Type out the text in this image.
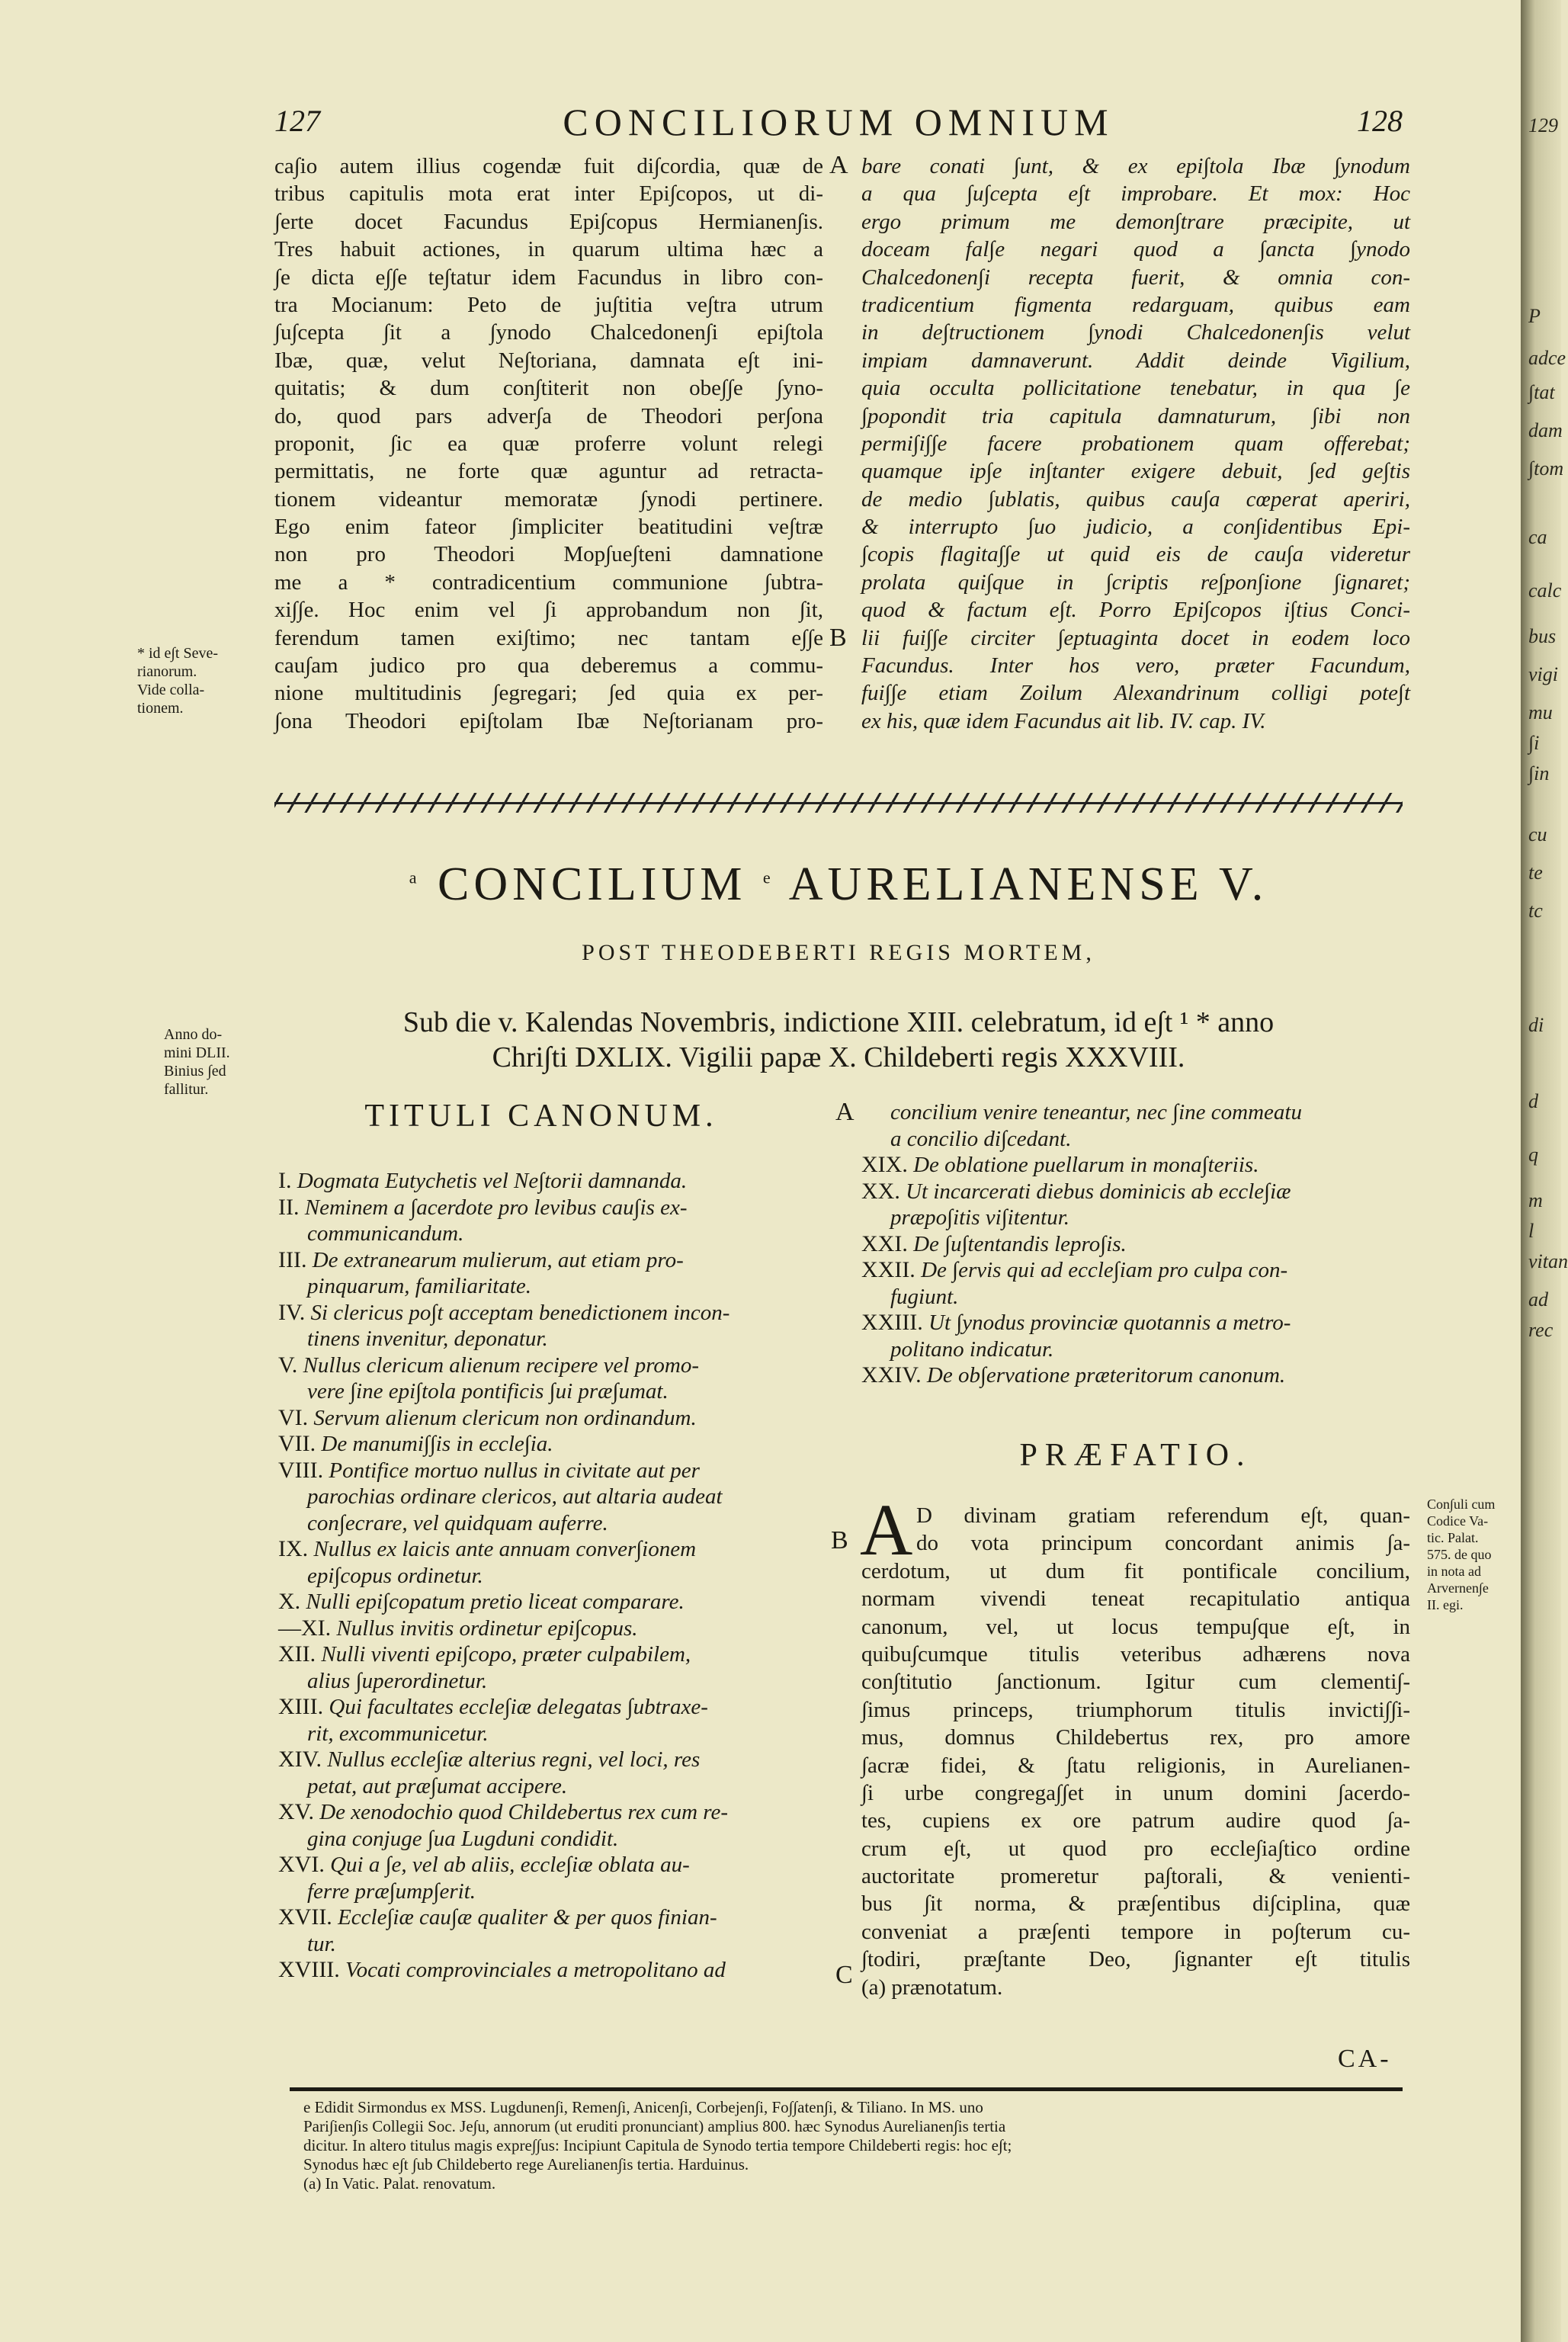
127	CONCILIORUM OMNIUM	128
ca∫io autem illius cogendæ fuit di∫cordia, quæ de
tribus capitulis mota erat inter Epi∫copos, ut di-
∫erte docet Facundus Epi∫copus Hermianen∫is.
Tres habuit actiones, in quarum ultima hæc a
∫e dicta e∫∫e te∫tatur idem Facundus in libro con-
tra Mocianum: Peto de ju∫titia ve∫tra utrum
∫u∫cepta ∫it a ∫ynodo Chalcedonen∫i epi∫tola
Ibæ, quæ, velut Ne∫toriana, damnata e∫t ini-
quitatis; & dum con∫titerit non obe∫∫e ∫yno-
do, quod pars adver∫a de Theodori per∫ona
proponit, ∫ic ea quæ proferre volunt relegi
permittatis, ne forte quæ aguntur ad retracta-
tionem videantur memoratæ ∫ynodi pertinere.
Ego enim fateor ∫impliciter beatitudini ve∫træ
non pro Theodori Mop∫ue∫teni damnatione
me a * contradicentium communione ∫ubtra-
xi∫∫e. Hoc enim vel ∫i approbandum non ∫it,
ferendum tamen exi∫timo; nec tantam e∫∫e
cau∫am judico pro qua deberemus a commu-
nione multitudinis ∫egregari; ∫ed quia ex per-
∫ona Theodori epi∫tolam Ibæ Ne∫torianam pro-
bare conati ∫unt, & ex epi∫tola Ibæ ∫ynodum
a qua ∫u∫cepta e∫t improbare. Et mox: Hoc
ergo primum me demon∫trare præcipite, ut
doceam fal∫e negari quod a ∫ancta ∫ynodo
Chalcedonen∫i recepta fuerit, & omnia con-
tradicentium figmenta redarguam, quibus eam
in de∫tructionem ∫ynodi Chalcedonen∫is velut
impiam damnaverunt. Addit deinde Vigilium,
quia occulta pollicitatione tenebatur, in qua ∫e
∫popondit tria capitula damnaturum, ∫ibi non
permi∫i∫∫e facere probationem quam offerebat;
quamque ip∫e in∫tanter exigere debuit, ∫ed ge∫tis
de medio ∫ublatis, quibus cau∫a cœperat aperiri,
& interrupto ∫uo judicio, a con∫identibus Epi-
∫copis flagita∫∫e ut quid eis de cau∫a videretur
prolata qui∫que in ∫criptis re∫pon∫ione ∫ignaret;
quod & factum e∫t. Porro Epi∫copos i∫tius Conci-
lii fui∫∫e circiter ∫eptuaginta docet in eodem loco
Facundus. Inter hos vero, præter Facundum,
fui∫∫e etiam Zoilum Alexandrinum colligi pote∫t
ex his, quæ idem Facundus ait lib. IV. cap. IV.
A
B
* id e∫t Seve-
rianorum.
Vide colla-
tionem.
$^a$ CONCILIUM $^e$ AURELIANENSE V.
POST THEODEBERTI REGIS MORTEM,
Sub die v. Kalendas Novembris, indictione XIII. celebratum, id e∫t ¹ * anno
Chri∫ti DXLIX. Vigilii papæ X. Childeberti regis XXXVIII.
Anno do-
mini DLII.
Binius ∫ed
fallitur.
TITULI CANONUM.	A
I. Dogmata Eutychetis vel Ne∫torii damnanda.
II. Neminem a ∫acerdote pro levibus cau∫is ex-
communicandum.
III. De extranearum mulierum, aut etiam pro-
pinquarum, familiaritate.
IV. Si clericus po∫t acceptam benedictionem incon-
tinens invenitur, deponatur.
V. Nullus clericum alienum recipere vel promo-
vere ∫ine epi∫tola pontificis ∫ui præ∫umat.
VI. Servum alienum clericum non ordinandum.
VII. De manumi∫∫is in eccle∫ia.
VIII. Pontifice mortuo nullus in civitate aut per
parochias ordinare clericos, aut altaria audeat
con∫ecrare, vel quidquam auferre.
IX. Nullus ex laicis ante annuam conver∫ionem
epi∫copus ordinetur.
X. Nulli epi∫copatum pretio liceat comparare.
—XI. Nullus invitis ordinetur epi∫copus.
XII. Nulli viventi epi∫copo, præter culpabilem,
alius ∫uperordinetur.
XIII. Qui facultates eccle∫iæ delegatas ∫ubtraxe-
rit, excommunicetur.
XIV. Nullus eccle∫iæ alterius regni, vel loci, res
petat, aut præ∫umat accipere.
XV. De xenodochio quod Childebertus rex cum re-
gina conjuge ∫ua Lugduni condidit.
XVI. Qui a ∫e, vel ab aliis, eccle∫iæ oblata au-
ferre præ∫ump∫erit.
XVII. Eccle∫iæ cau∫æ qualiter & per quos finian-
tur.
XVIII. Vocati comprovinciales a metropolitano ad
concilium venire teneantur, nec ∫ine commeatu
a concilio di∫cedant.
XIX. De oblatione puellarum in mona∫teriis.
XX. Ut incarcerati diebus dominicis ab eccle∫iæ
præpo∫itis vi∫itentur.
XXI. De ∫u∫tentandis lepro∫is.
XXII. De ∫ervis qui ad eccle∫iam pro culpa con-
fugiunt.
XXIII. Ut ∫ynodus provinciæ quotannis a metro-
politano indicatur.
XXIV. De ob∫ervatione præteritorum canonum.
PRÆFATIO.
A D divinam gratiam referendum e∫t, quan-
do vota principum concordant animis ∫a-
cerdotum, ut dum fit pontificale concilium,
normam vivendi teneat recapitulatio antiqua
canonum, vel, ut locus tempu∫que e∫t, in
quibu∫cumque titulis veteribus adhærens nova
con∫titutio ∫anctionum. Igitur cum clementi∫-
∫imus princeps, triumphorum titulis invicti∫∫i-
mus, domnus Childebertus rex, pro amore
∫acræ fidei, & ∫tatu religionis, in Aurelianen-
∫i urbe congrega∫∫et in unum domini ∫acerdo-
tes, cupiens ex ore patrum audire quod ∫a-
crum e∫t, ut quod pro eccle∫ia∫tico ordine
auctoritate promeretur pa∫torali, & venienti-
bus ∫it norma, & præ∫entibus di∫ciplina, quæ
conveniat a præ∫enti tempore in po∫terum cu-
∫todiri, præ∫tante Deo, ∫ignanter e∫t titulis
(a) prænotatum.
B
C
Con∫uli cum
Codice Va-
tic. Palat.
575. de quo
in nota ad
Arvernen∫e
II. egi.
CA-
e Edidit Sirmondus ex MSS. Lugdunen∫i, Remen∫i, Anicen∫i, Corbejen∫i, Fo∫∫aten∫i, & Tiliano. In MS. uno
Pari∫ien∫is Collegii Soc. Je∫u, annorum (ut eruditi pronunciant) amplius 800. hæc Synodus Aurelianen∫is tertia
dicitur. In altero titulus magis expre∫∫us: Incipiunt Capitula de Synodo tertia tempore Childeberti regis: hoc e∫t;
Synodus hæc e∫t ∫ub Childeberto rege Aurelianen∫is tertia. Harduinus.
(a) In Vatic. Palat. renovatum.
129
P
adce
∫tat
dam
∫tom
ca
calc
bus
vigi
mu
∫i
∫in
cu
te
tc
di
d
q
m
l
vitan
ad
rec
